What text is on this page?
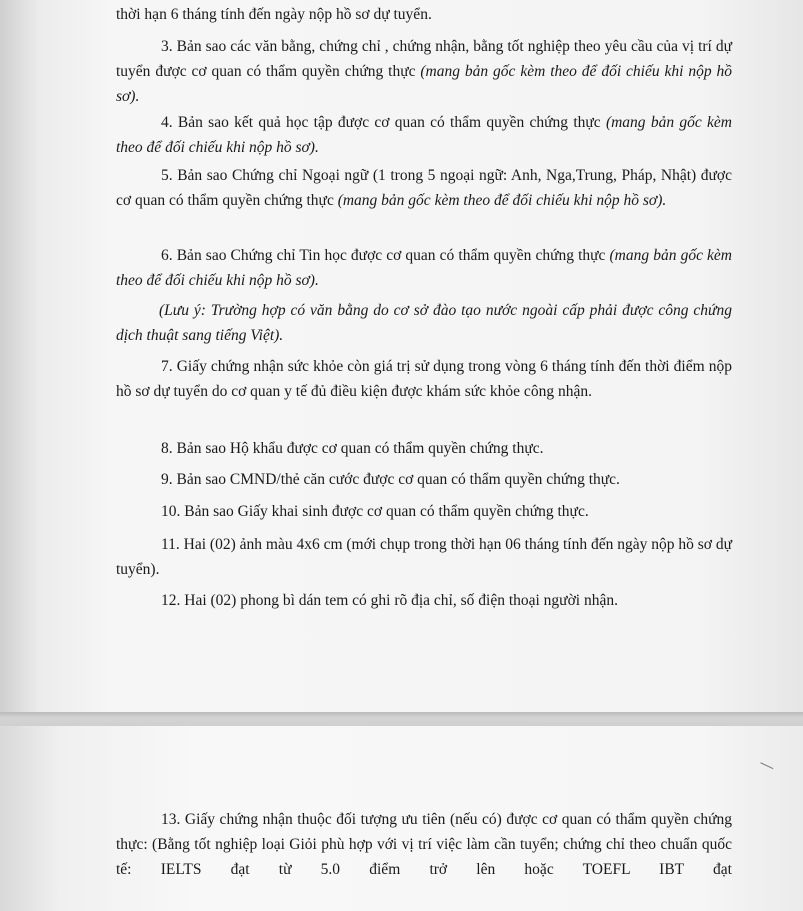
thời hạn 6 tháng tính đến ngày nộp hồ sơ dự tuyển.

3. Bản sao các văn bằng, chứng chỉ , chứng nhận, bằng tốt nghiệp theo yêu cầu của vị trí dự tuyển được cơ quan có thẩm quyền chứng thực (mang bản gốc kèm theo để đối chiếu khi nộp hồ sơ).

4. Bản sao kết quả học tập được cơ quan có thẩm quyền chứng thực (mang bản gốc kèm theo để đối chiếu khi nộp hồ sơ).

5. Bản sao Chứng chỉ Ngoại ngữ (1 trong 5 ngoại ngữ: Anh, Nga,Trung, Pháp, Nhật) được cơ quan có thẩm quyền chứng thực (mang bản gốc kèm theo để đối chiếu khi nộp hồ sơ).

6. Bản sao Chứng chỉ Tin học được cơ quan có thẩm quyền chứng thực (mang bản gốc kèm theo để đối chiếu khi nộp hồ sơ).

(Lưu ý: Trường hợp có văn bằng do cơ sở đào tạo nước ngoài cấp phải được công chứng dịch thuật sang tiếng Việt).

7. Giấy chứng nhận sức khỏe còn giá trị sử dụng trong vòng 6 tháng tính đến thời điểm nộp hồ sơ dự tuyển do cơ quan y tế đủ điều kiện được khám sức khỏe công nhận.

8. Bản sao Hộ khẩu được cơ quan có thẩm quyền chứng thực.

9. Bản sao CMND/thẻ căn cước được cơ quan có thẩm quyền chứng thực.

10. Bản sao Giấy khai sinh được cơ quan có thẩm quyền chứng thực.

11. Hai (02) ảnh màu 4x6 cm (mới chụp trong thời hạn 06 tháng tính đến ngày nộp hồ sơ dự tuyển).

12. Hai (02) phong bì dán tem có ghi rõ địa chỉ, số điện thoại người nhận.

13. Giấy chứng nhận thuộc đối tượng ưu tiên (nếu có) được cơ quan có thẩm quyền chứng thực: (Bằng tốt nghiệp loại Giỏi phù hợp với vị trí việc làm cần tuyển; chứng chỉ theo chuẩn quốc tế: IELTS đạt từ 5.0 điểm trở lên hoặc TOEFL IBT đạt
